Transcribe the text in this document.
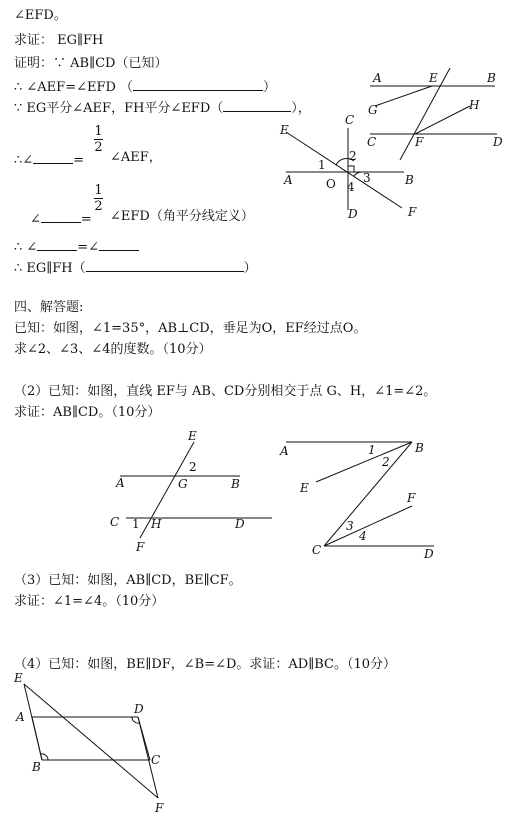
∠EFD。
求证： EG∥FH
证明：∵ AB∥CD（已知）
∴ ∠AEF=∠EFD （	）
∵ EG平分∠AEF，FH平分∠EFD（	），
∴∠	=
1
2
∠AEF，
∠	=
1
2
∠EFD（角平分线定义）
∴ ∠	=∠
∴ EG∥FH（	）
四、解答题:
已知：如图，∠1=35°，AB⊥CD，垂足为O，EF经过点O。
求∠2、∠3、∠4的度数。（10分）
（2）已知：如图，直线 EF与 AB、CD分别相交于点 G、H，∠1=∠2。
求证：AB∥CD。（10分）
（3）已知：如图，AB∥CD，BE∥CF。
求证：∠1=∠4。（10分）
（4）已知：如图，BE∥DF，∠B=∠D。求证：AD∥BC。（10分）
A	E	B
G	H
C	F	D
E
C
1
2
3
4
A	O	B
D	F
E
2
A	G	B
C 1 H	D
F
A	1	B
2
E
F
3
4
C	D
E
A
D
B	C
F
